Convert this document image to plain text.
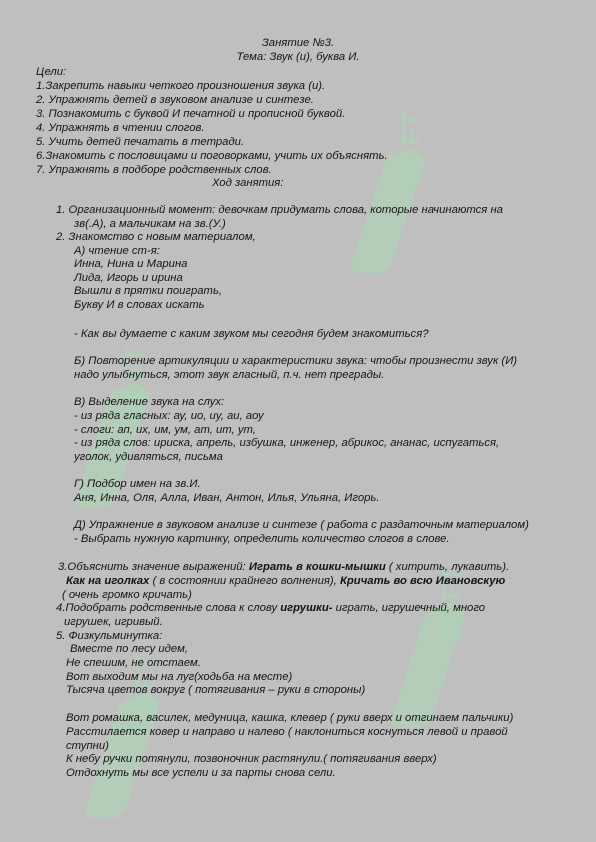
SOFT
SOFT
SOFT
SOFT
Занятие №3.
Тема: Звук (и), буква И.
Цели:
1.Закрепить навыки четкого произношения звука (и).
2. Упражнять детей в звуковом анализе и синтезе.
3. Познакомить с буквой И печатной и прописной буквой.
4. Упражнять в чтении слогов.
5. Учить детей печатать в тетради.
6.Знакомить с пословицами и поговорками, учить их объяснять.
7. Упражнять в подборе родственных слов.
Ход занятия:
1. Организационный момент: девочкам придумать слова, которые начинаются на
зв(.А), а мальчикам на зв.(У.)
2. Знакомство с новым материалом,
А) чтение ст-я:
Инна, Нина и Марина
Лида, Игорь и ирина
Вышли в прятки поиграть,
Букву И в словах искать
- Как вы думаете с каким звуком мы сегодня будем знакомиться?
Б) Повторение артикуляции и характеристики звука: чтобы произнести звук (И)
надо улыбнуться, этот звук гласный, п.ч. нет преграды.
В) Выделение звука на слух:
- из ряда гласных: ау, ио, иу, аи, аоу
- слоги: ап, их, им, ум, ат, ит, ут,
- из ряда слов: ириска, апрель, избушка, инженер, абрикос, ананас, испугаться,
уголок, удивляться, письма
Г) Подбор имен на зв.И.
Аня, Инна, Оля, Алла, Иван, Антон, Илья, Ульяна, Игорь.
Д) Упражнение в звуковом анализе и синтезе ( работа с раздаточным материалом)
- Выбрать нужную картинку, определить количество слогов в слове.
3.Объяснить значение выражений: Играть в кошки-мышки ( хитрить, лукавить).
Как на иголках ( в состоянии крайнего волнения), Кричать во всю Ивановскую
( очень громко кричать)
4.Подобрать родственные слова к слову игрушки- играть, игрушечный, много
игрушек, игривый.
5. Физкульминутка:
Вместе по лесу идем,
Не спешим, не отстаем.
Вот выходим мы на луг(ходьба на месте)
Тысяча цветов вокруг ( потягивания – руки в стороны)
Вот ромашка, василек, медуница, кашка, клевер ( руки вверх и отгинаем пальчики)
Расстилается ковер и направо и налево ( наклониться коснуться левой и правой
ступни)
К небу ручки потянули, позвоночник растянули.( потягивания вверх)
Отдохнуть мы все успели и за парты снова сели.
